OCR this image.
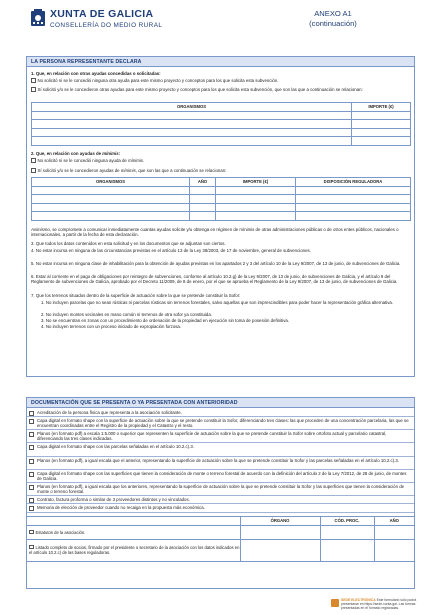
XUNTA DE GALICIA
CONSELLERÍA DO MEDIO RURAL
ANEXO A1
(continuación)
LA PERSONA REPRESENTANTE DECLARA
1. Que, en relación con otras ayudas concedidas o solicitadas:
No solicitó ni se le concedió ninguna otra ayuda para este mismo proyecto y conceptos para los que solicita esta subvención.
Sí solicitó y/o se le concedieron otras ayudas para este mismo proyecto y conceptos para los que solicita esta subvención, que son las que a continuación se relacionan:
ORGANISMOS	IMPORTE (€)

2. Que, en relación con ayudas de mínimis:
No solicitó ni se le concedió ninguna ayuda de mínimis.
Sí solicitó y/o se le concedieron ayudas de mínimis, que son las que a continuación se relacionan:
ORGANISMOS	AÑO	IMPORTE (€)	DISPOSICIÓN REGULADORA

Asimismo, se compromete a comunicar inmediatamente cuantas ayudas solicite y/u obtenga en régimen de mínimis de otras administraciones públicas o de otros entes públicos, nacionales o internacionales, a partir de la fecha de esta declaración.
3. Que todos los datos contenidos en esta solicitud y en los documentos que se adjuntan son ciertos.
4. No estar incursa en ninguna de las circunstancias previstas en el artículo 13 de la Ley 38/2003, de 17 de noviembre, general de subvenciones.
5. No estar incursa en ninguna clase de inhabilitación para la obtención de ayudas previstas en los apartados 2 y 3 del artículo 10 de la Ley 9/2007, de 13 de junio, de subvenciones de Galicia.
6. Estar al corriente en el pago de obligaciones por reintegro de subvenciones, conforme al artículo 10.2.g) de la Ley 9/2007, de 13 de junio, de subvenciones de Galicia, y el artículo 9 del Reglamento de subvenciones de Galicia, aprobado por el Decreto 11/2009, de 8 de enero, por el que se aprueba el Reglamento de la Ley 9/2007, de 13 de junio, de subvenciones de Galicia.
7. Que los terrenos situados dentro de la superficie de actuación sobre la que se pretende constituir la Sofor:
1. No incluyen parcelas que no sean rústicas ni parcelas rústicas sin terrenos forestales, salvo aquellas que son imprescindibles para poder hacer la representación gráfica alternativa.
2. No incluyen montes vecinales en mano común ni terrenos de otra sofor ya constituida.
3. No se encuentran en zonas con un procedimiento de ordenación de la propiedad en ejecución sin toma de posesión definitiva.
4. No incluyen terrenos con un proceso iniciado de expropiación forzosa.
DOCUMENTACIÓN QUE SE PRESENTA O YA PRESENTADA CON ANTERIORIDAD
Acreditación de la persona física que representa a la asociación solicitante.
Capa digital en formato shape con la superficie de actuación sobre la que se pretende constituir la Sofor, diferenciando tres clases: las que proceden de una concentración parcelaria, las que se encuentran coordinadas entre el Registro de la propiedad y el Catastro y el resto.
Planos (en formato pdf) a escala 1:5.000 o superior que representen la superficie de actuación sobre la que se pretende constituir la Sofor sobre ortofoto actual y parcelario catastral, diferenciando las tres clases indicadas.
Capa digital en formato shape con las parcelas señaladas en el artículo 10.2.c).3.
Planos (en formato pdf), a igual escala que el anterior, representando la superficie de actuación sobre la que se pretende constituir la Sofor y las parcelas señaladas en el artículo 10.2.c).3.
Capa digital en formato shape con las superficies que tienen la consideración de monte o terreno forestal de acuerdo con la definición del artículo 2 de la Ley 7/2012, de 28 de junio, de montes de Galicia.
Planos (en formato pdf), a igual escala que los anteriores, representando la superficie de actuación sobre la que se pretende constituir la Sofor y las superficies que tienen la consideración de monte o terreno forestal.
Contrato, factura proforma o similar de 3 proveedores distintos y no vinculados.
Memoria de elección de proveedor cuando no recaiga en la propuesta más económica.
	ÓRGANO	CÓD. PROC.	AÑO
Estatutos de la asociación.			
Listado completo de socios, firmado por el presidente o secretario de la asociación con los datos indicados en el artículo 10.2.c) de las bases reguladoras.			
SEDE ELECTRÓNICA Este formulario sólo podrá presentarse en https://sede.xunta.gal. Las formas presentadas en el formato registradas.
